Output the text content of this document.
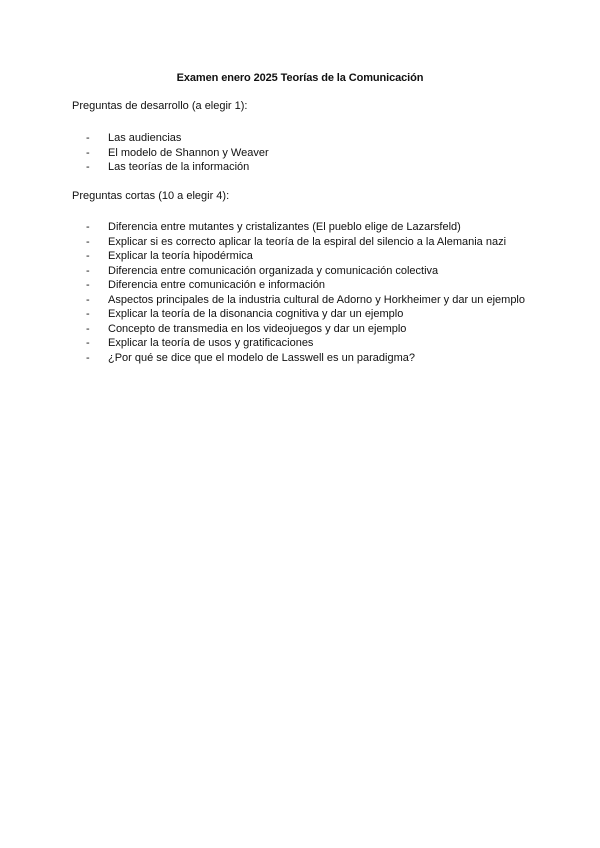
Examen enero 2025 Teorías de la Comunicación
Preguntas de desarrollo (a elegir 1):
-	Las audiencias
-	El modelo de Shannon y Weaver
-	Las teorías de la información
Preguntas cortas (10 a elegir 4):
-	Diferencia entre mutantes y cristalizantes (El pueblo elige de Lazarsfeld)
-	Explicar si es correcto aplicar la teoría de la espiral del silencio a la Alemania nazi
-	Explicar la teoría hipodérmica
-	Diferencia entre comunicación organizada y comunicación colectiva
-	Diferencia entre comunicación e información
-	Aspectos principales de la industria cultural de Adorno y Horkheimer y dar un ejemplo
-	Explicar la teoría de la disonancia cognitiva y dar un ejemplo
-	Concepto de transmedia en los videojuegos y dar un ejemplo
-	Explicar la teoría de usos y gratificaciones
-	¿Por qué se dice que el modelo de Lasswell es un paradigma?
